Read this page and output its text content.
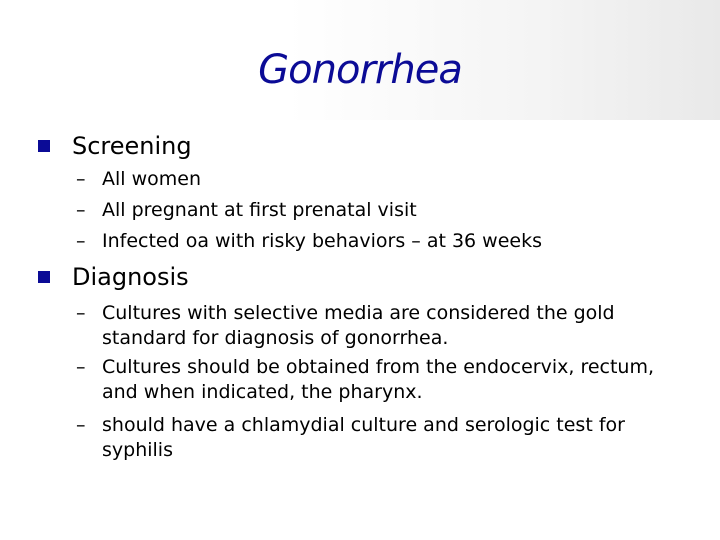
Gonorrhea
Screening
– All women
– All pregnant at first prenatal visit
– Infected oa with risky behaviors – at 36 weeks
Diagnosis
– Cultures with selective media are considered the gold standard for diagnosis of gonorrhea.
– Cultures should be obtained from the endocervix, rectum, and when indicated, the pharynx.
– should have a chlamydial culture and serologic test for syphilis
